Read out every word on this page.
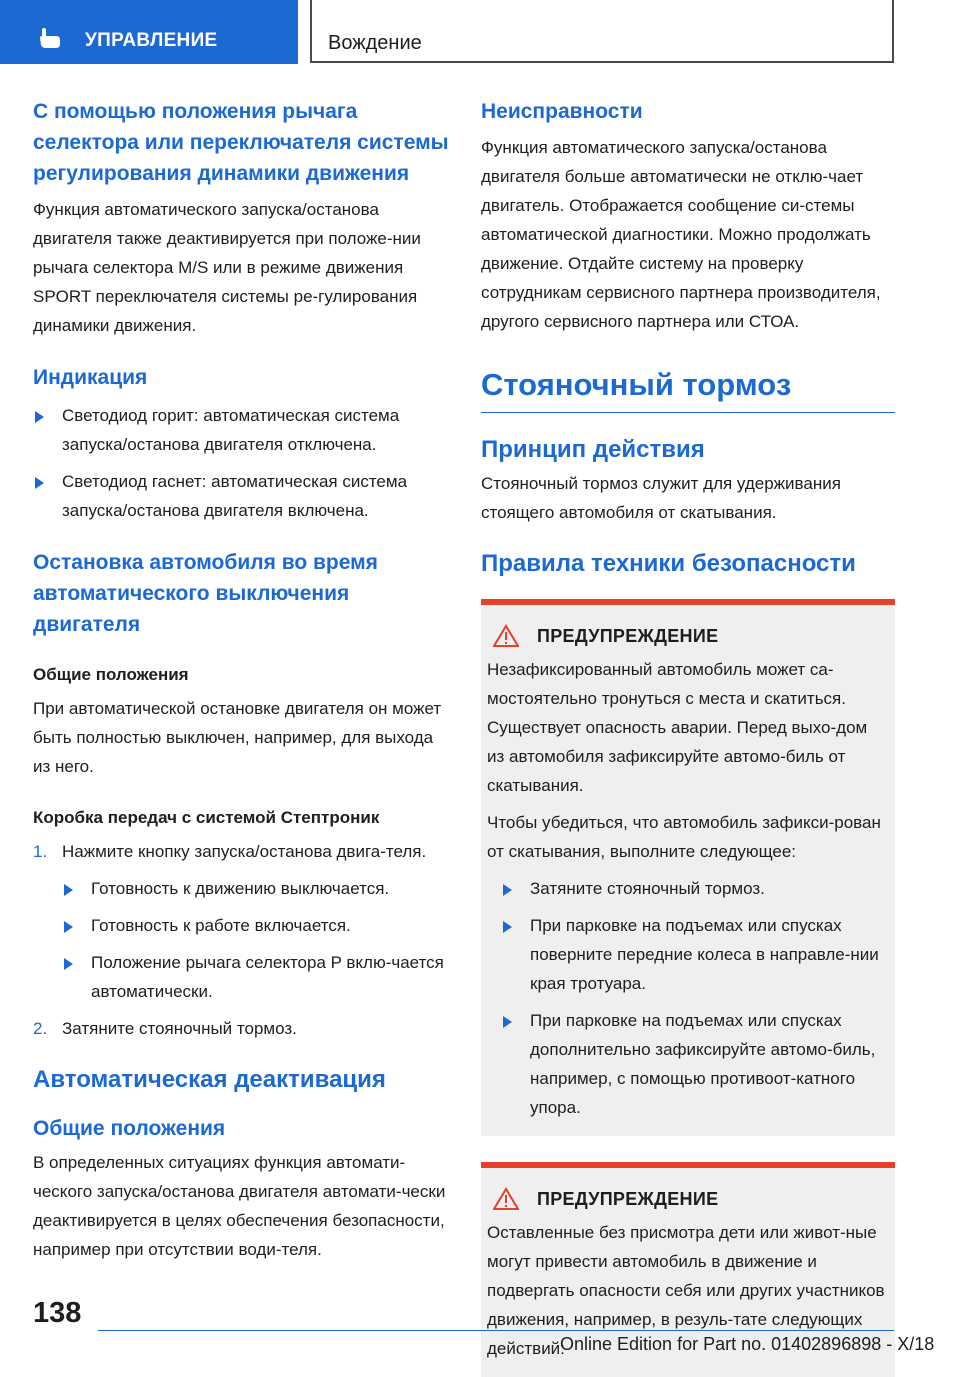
УПРАВЛЕНИЕ	Вождение
С помощью положения рычага селектора или переключателя системы регулирования динамики движения

Функция автоматического запуска/останова двигателя также деактивируется при положе-нии рычага селектора M/S или в режиме движения SPORT переключателя системы ре-гулирования динамики движения.

Индикация
Светодиод горит: автоматическая система запуска/останова двигателя отключена.
Светодиод гаснет: автоматическая система запуска/останова двигателя включена.
Остановка автомобиля во время автоматического выключения двигателя
Общие положения

При автоматической остановке двигателя он может быть полностью выключен, например, для выхода из него.

Коробка передач с системой Стептроник
1. Нажмите кнопку запуска/останова двига-теля.
Готовность к движению выключается.
Готовность к работе включается.
Положение рычага селектора P вклю-чается автоматически.
2. Затяните стояночный тормоз.
Автоматическая деактивация
Общие положения

В определенных ситуациях функция автомати-ческого запуска/останова двигателя автомати-чески деактивируется в целях обеспечения безопасности, например при отсутствии води-теля.

Неисправности

Функция автоматического запуска/останова двигателя больше автоматически не отклю-чает двигатель. Отображается сообщение си-стемы автоматической диагностики. Можно продолжать движение. Отдайте систему на проверку сотрудникам сервисного партнера производителя, другого сервисного партнера или СТОА.

Стояночный тормоз
Принцип действия

Стояночный тормоз служит для удерживания стоящего автомобиля от скатывания.

Правила техники безопасности
ПРЕДУПРЕЖДЕНИЕ

Незафиксированный автомобиль может са-мостоятельно тронуться с места и скатиться. Существует опасность аварии. Перед выхо-дом из автомобиля зафиксируйте автомо-биль от скатывания.

Чтобы убедиться, что автомобиль зафикси-рован от скатывания, выполните следующее:

Затяните стояночный тормоз.
При парковке на подъемах или спусках поверните передние колеса в направле-нии края тротуара.
При парковке на подъемах или спусках дополнительно зафиксируйте автомо-биль, например, с помощью противоот-катного упора.
ПРЕДУПРЕЖДЕНИЕ

Оставленные без присмотра дети или живот-ные могут привести автомобиль в движение и подвергать опасности себя или других участников движения, например, в резуль-тате следующих действий:

138
Online Edition for Part no. 01402896898 - X/18
